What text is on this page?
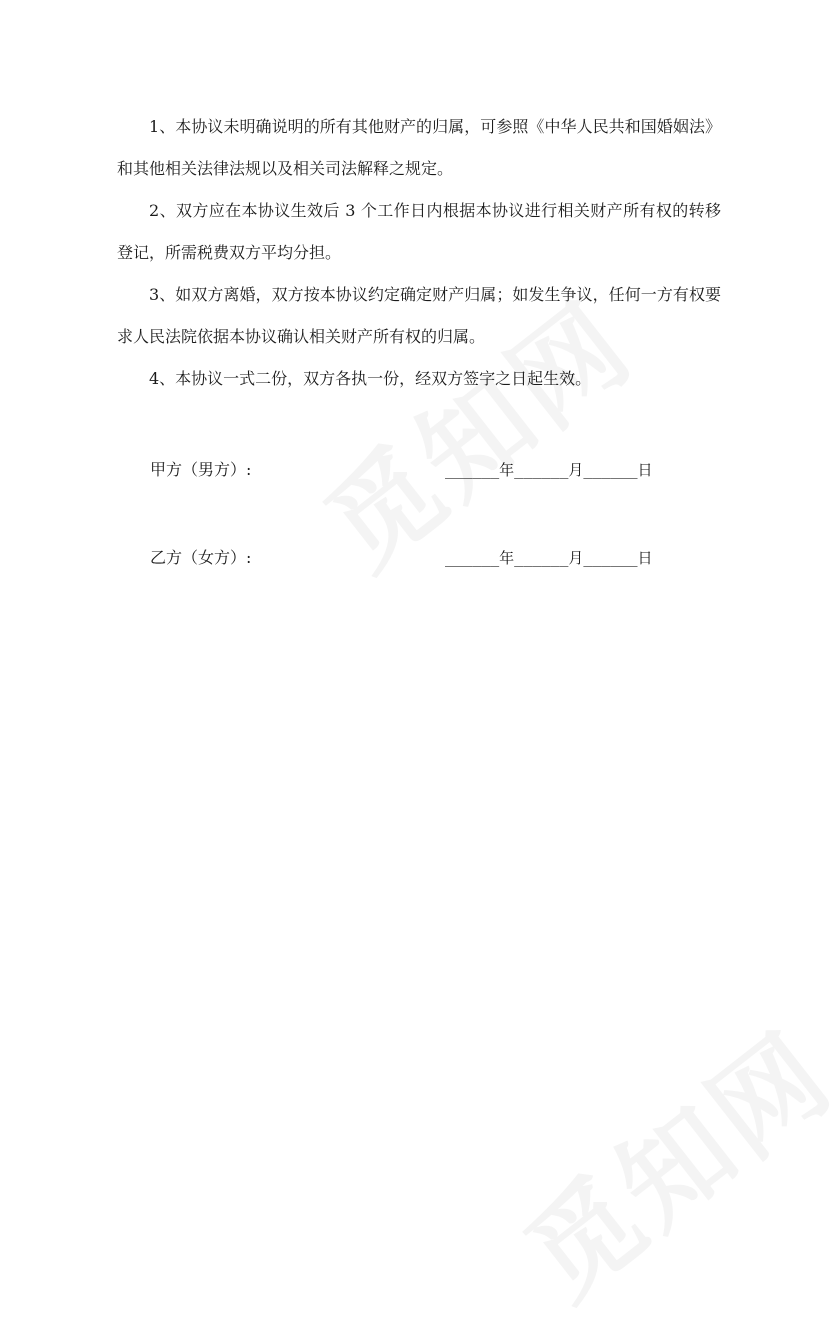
1、本协议未明确说明的所有其他财产的归属，可参照《中华人民共和国婚姻法》和其他相关法律法规以及相关司法解释之规定。

2、双方应在本协议生效后 3 个工作日内根据本协议进行相关财产所有权的转移登记，所需税费双方平均分担。

3、如双方离婚，双方按本协议约定确定财产归属；如发生争议，任何一方有权要求人民法院依据本协议确认相关财产所有权的归属。

4、本协议一式二份，双方各执一份，经双方签字之日起生效。

甲方（男方）:	______年______月______日
乙方（女方）:	______年______月______日
